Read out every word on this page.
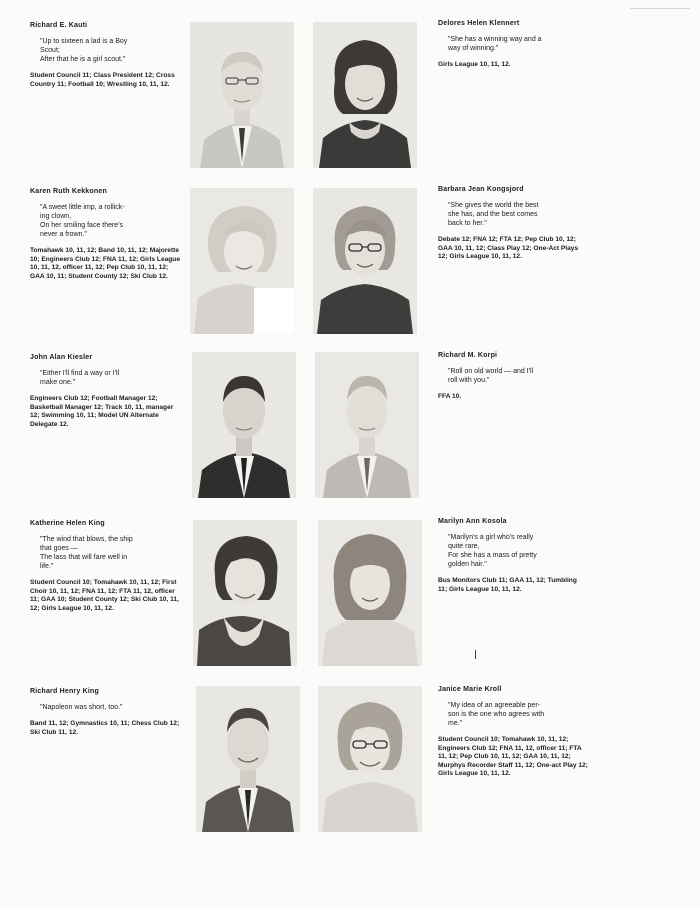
Richard E. Kauti

"Up to sixteen a lad is a Boy
Scout;
After that he is a girl scout."

Student Council 11; Class President 12; Cross Country 11; Football 10; Wrestling 10, 11, 12.

Delores Helen Klennert

"She has a winning way and a
way of winning."

Girls League 10, 11, 12.

Karen Ruth Kekkonen

"A sweet little imp, a rollick-
ing clown,
On her smiling face there's
never a frown."

Tomahawk 10, 11, 12; Band 10, 11, 12; Majorette 10; Engineers Club 12; FNA 11, 12; Girls League 10, 11, 12, officer 11, 12; Pep Club 10, 11, 12; GAA 10, 11; Student County 12; Ski Club 12.

Barbara Jean Kongsjord

"She gives the world the best
she has, and the best comes
back to her."

Debate 12; FNA 12; FTA 12; Pep Club 10, 12; GAA 10, 11, 12; Class Play 12; One-Act Plays 12; Girls League 10, 11, 12.

John Alan Kiesler

"Either I'll find a way or I'll
make one."

Engineers Club 12; Football Manager 12; Basketball Manager 12; Track 10, 11, manager 12; Swimming 10, 11; Model UN Alternate Delegate 12.

Richard M. Korpi

"Roll on old world — and I'll
roll with you."

FFA 10.

Katherine Helen King

"The wind that blows, the ship
that goes —
The lass that will fare well in
life."

Student Council 10; Tomahawk 10, 11, 12; First Choir 10, 11, 12; FNA 11, 12; FTA 11, 12, officer 11; GAA 10; Student County 12; Ski Club 10, 11, 12; Girls League 10, 11, 12.

Marilyn Ann Kosola

"Marilyn's a girl who's really
quite rare,
For she has a mass of pretty
golden hair."

Bus Monitors Club 11; GAA 11, 12; Tumbling 11; Girls League 10, 11, 12.

Richard Henry King

"Napoleon was short, too."

Band 11, 12; Gymnastics 10, 11; Chess Club 12; Ski Club 11, 12.

Janice Marie Kroll

"My idea of an agreeable per-
son is the one who agrees with
me."

Student Council 10; Tomahawk 10, 11, 12; Engineers Club 12; FNA 11, 12, officer 11; FTA 11, 12; Pep Club 10, 11, 12; GAA 10, 11, 12; Murphys Recorder Staff 11, 12; One-act Play 12; Girls League 10, 11, 12.
